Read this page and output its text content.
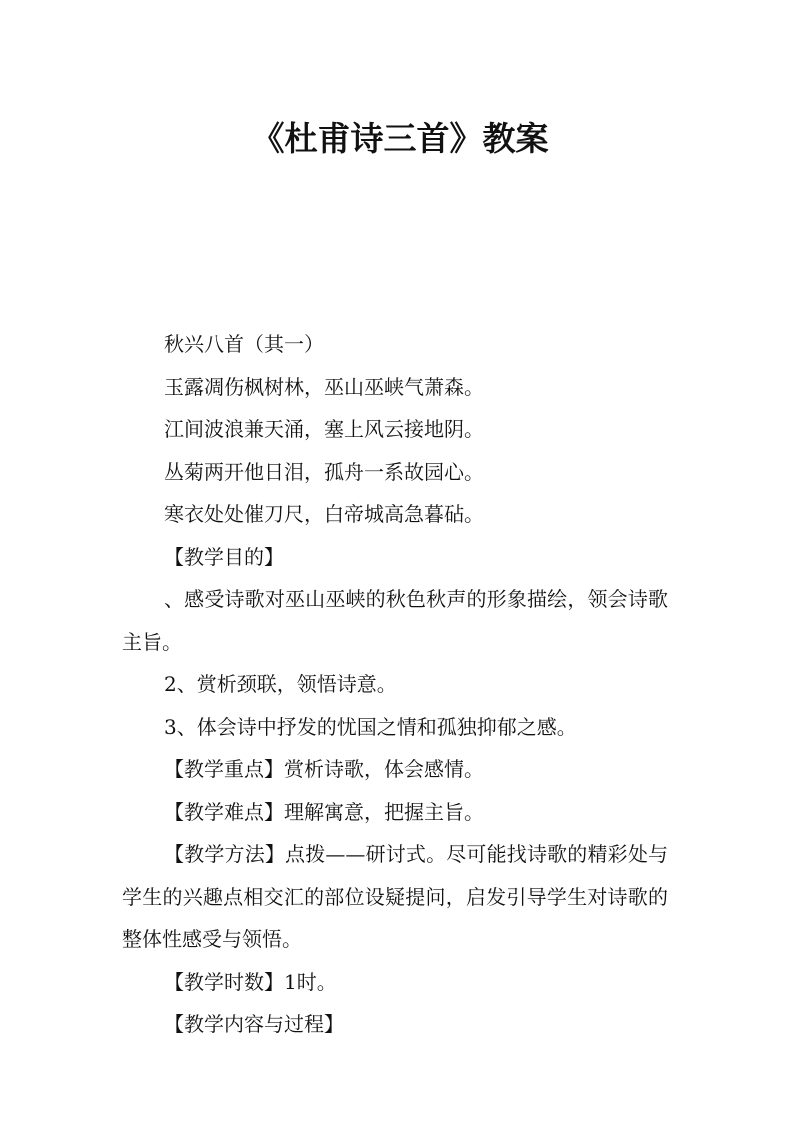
《杜甫诗三首》教案

秋兴八首（其一）

玉露凋伤枫树林，巫山巫峡气萧森。

江间波浪兼天涌，塞上风云接地阴。

丛菊两开他日泪，孤舟一系故园心。

寒衣处处催刀尺，白帝城高急暮砧。

【教学目的】

、感受诗歌对巫山巫峡的秋色秋声的形象描绘，领会诗歌主旨。

2、赏析颈联，领悟诗意。

3、体会诗中抒发的忧国之情和孤独抑郁之感。

【教学重点】赏析诗歌，体会感情。

【教学难点】理解寓意，把握主旨。

【教学方法】点拨——研讨式。尽可能找诗歌的精彩处与学生的兴趣点相交汇的部位设疑提问，启发引导学生对诗歌的整体性感受与领悟。

【教学时数】1时。

【教学内容与过程】
